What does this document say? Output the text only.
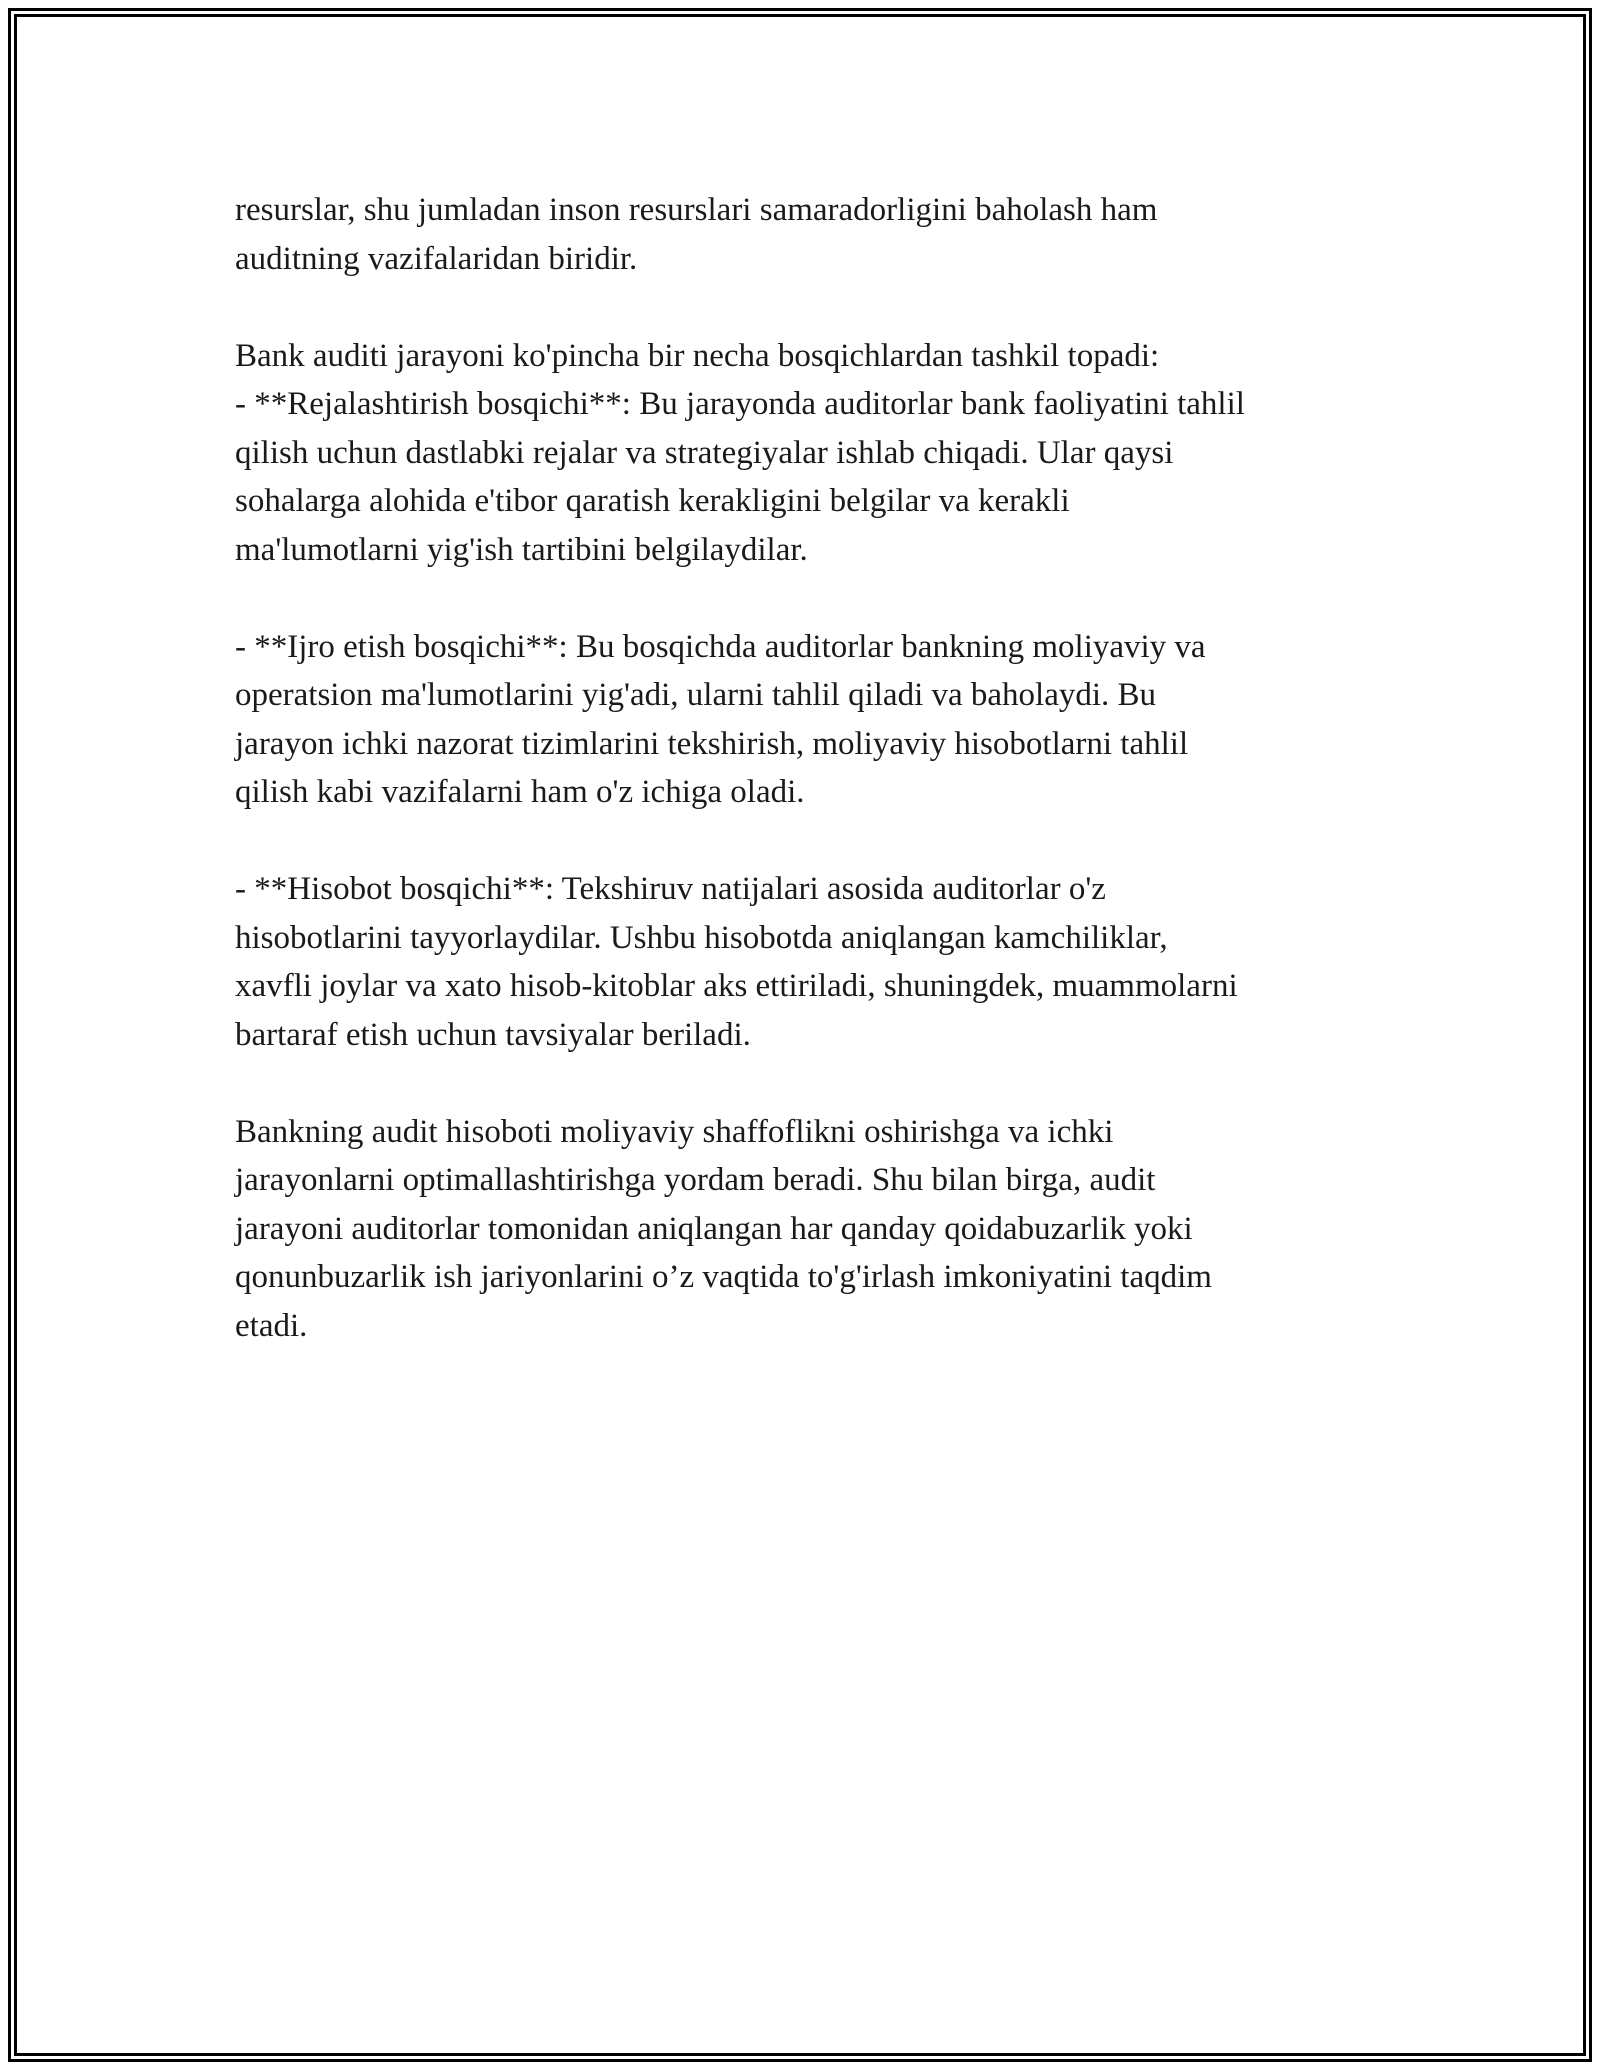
resurslar, shu jumladan inson resurslari samaradorligini baholash ham
auditning vazifalaridan biridir.

Bank auditi jarayoni ko'pincha bir necha bosqichlardan tashkil topadi:
- **Rejalashtirish bosqichi**: Bu jarayonda auditorlar bank faoliyatini tahlil
qilish uchun dastlabki rejalar va strategiyalar ishlab chiqadi. Ular qaysi
sohalarga alohida e'tibor qaratish kerakligini belgilar va kerakli
ma'lumotlarni yig'ish tartibini belgilaydilar.

- **Ijro etish bosqichi**: Bu bosqichda auditorlar bankning moliyaviy va
operatsion ma'lumotlarini yig'adi, ularni tahlil qiladi va baholaydi. Bu
jarayon ichki nazorat tizimlarini tekshirish, moliyaviy hisobotlarni tahlil
qilish kabi vazifalarni ham o'z ichiga oladi.

- **Hisobot bosqichi**: Tekshiruv natijalari asosida auditorlar o'z
hisobotlarini tayyorlaydilar. Ushbu hisobotda aniqlangan kamchiliklar,
xavfli joylar va xato hisob-kitoblar aks ettiriladi, shuningdek, muammolarni
bartaraf etish uchun tavsiyalar beriladi.

Bankning audit hisoboti moliyaviy shaffoflikni oshirishga va ichki
jarayonlarni optimallashtirishga yordam beradi. Shu bilan birga, audit
jarayoni auditorlar tomonidan aniqlangan har qanday qoidabuzarlik yoki
qonunbuzarlik ish jariyonlarini o’z vaqtida to'g'irlash imkoniyatini taqdim
etadi.
